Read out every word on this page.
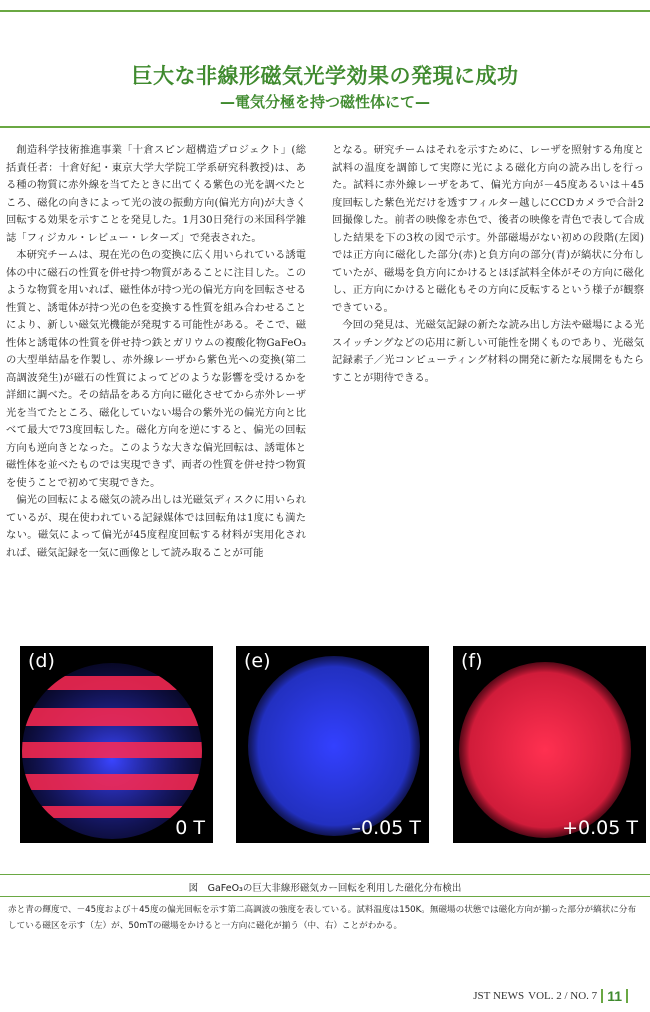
巨大な非線形磁気光学効果の発現に成功
—電気分極を持つ磁性体にて—

創造科学技術推進事業「十倉スピン超構造プロジェクト」(総括責任者：十倉好紀・東京大学大学院工学系研究科教授)は、ある種の物質に赤外線を当てたときに出てくる紫色の光を調べたところ、磁化の向きによって光の波の振動方向(偏光方向)が大きく回転する効果を示すことを発見した。1月30日発行の米国科学雑誌「フィジカル・レビュー・レターズ」で発表された。

本研究チームは、現在光の色の変換に広く用いられている誘電体の中に磁石の性質を併せ持つ物質があることに注目した。このような物質を用いれば、磁性体が持つ光の偏光方向を回転させる性質と、誘電体が持つ光の色を変換する性質を組み合わせることにより、新しい磁気光機能が発現する可能性がある。そこで、磁性体と誘電体の性質を併せ持つ鉄とガリウムの複酸化物GaFeO₃の大型単結晶を作製し、赤外線レーザから紫色光への変換(第二高調波発生)が磁石の性質によってどのような影響を受けるかを詳細に調べた。その結晶をある方向に磁化させてから赤外レーザ光を当てたところ、磁化していない場合の紫外光の偏光方向と比べて最大で73度回転した。磁化方向を逆にすると、偏光の回転方向も逆向きとなった。このような大きな偏光回転は、誘電体と磁性体を並べたものでは実現できず、両者の性質を併せ持つ物質を使うことで初めて実現できた。

偏光の回転による磁気の読み出しは光磁気ディスクに用いられているが、現在使われている記録媒体では回転角は1度にも満たない。磁気によって偏光が45度程度回転する材料が実用化されれば、磁気記録を一気に画像として読み取ることが可能

となる。研究チームはそれを示すために、レーザを照射する角度と試料の温度を調節して実際に光による磁化方向の読み出しを行った。試料に赤外線レーザをあて、偏光方向が－45度あるいは＋45度回転した紫色光だけを透すフィルター越しにCCDカメラで合計2回撮像した。前者の映像を赤色で、後者の映像を青色で表して合成した結果を下の3枚の図で示す。外部磁場がない初めの段階(左図)では正方向に磁化した部分(赤)と負方向の部分(青)が縞状に分布していたが、磁場を負方向にかけるとほぼ試料全体がその方向に磁化し、正方向にかけると磁化もその方向に反転するという様子が観察できている。

今回の発見は、光磁気記録の新たな読み出し方法や磁場による光スイッチングなどの応用に新しい可能性を開くものであり、光磁気記録素子／光コンピューティング材料の開発に新たな展開をもたらすことが期待できる。

(d)
0 T
(e)
–0.05 T
(f)
+0.05 T
図　GaFeO₃の巨大非線形磁気カー回転を利用した磁化分布検出

赤と青の輝度で、－45度および＋45度の偏光回転を示す第二高調波の強度を表している。試料温度は150K。無磁場の状態では磁化方向が揃った部分が縞状に分布している磁区を示す（左）が、50mTの磁場をかけると一方向に磁化が揃う（中、右）ことがわかる。

JST NEWS VOL. 2 / NO. 7 11
